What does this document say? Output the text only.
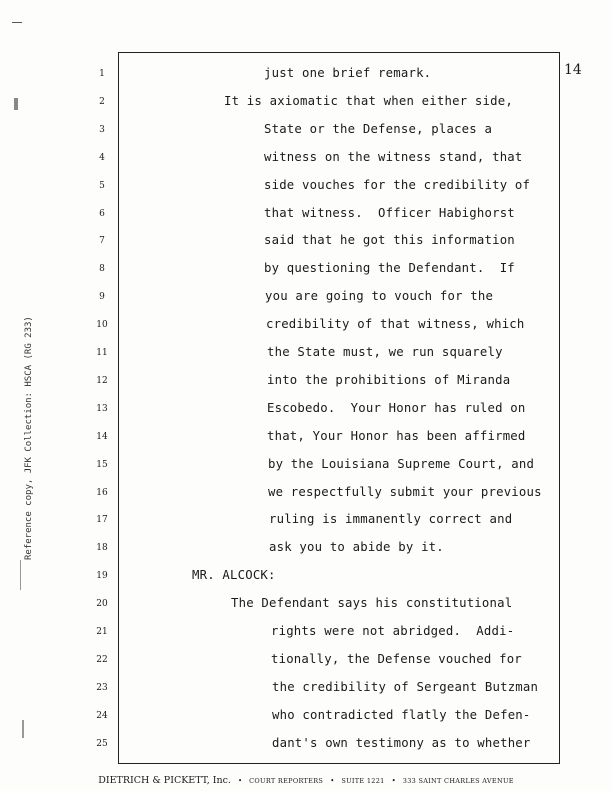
14
Reference copy, JFK Collection: HSCA (RG 233)
1	just one brief remark.
2	It is axiomatic that when either side,
3	State or the Defense, places a
4	witness on the witness stand, that
5	side vouches for the credibility of
6	that witness.  Officer Habighorst
7	said that he got this information
8	by questioning the Defendant.  If
9	you are going to vouch for the
10	credibility of that witness, which
11	the State must, we run squarely
12	into the prohibitions of Miranda
13	Escobedo.  Your Honor has ruled on
14	that, Your Honor has been affirmed
15	by the Louisiana Supreme Court, and
16	we respectfully submit your previous
17	ruling is immanently correct and
18	ask you to abide by it.
19	MR. ALCOCK:
20	The Defendant says his constitutional
21	rights were not abridged.  Addi-
22	tionally, the Defense vouched for
23	the credibility of Sergeant Butzman
24	who contradicted flatly the Defen-
25	dant's own testimony as to whether
DIETRICH & PICKETT, Inc. • COURT REPORTERS • SUITE 1221 • 333 SAINT CHARLES AVENUE
